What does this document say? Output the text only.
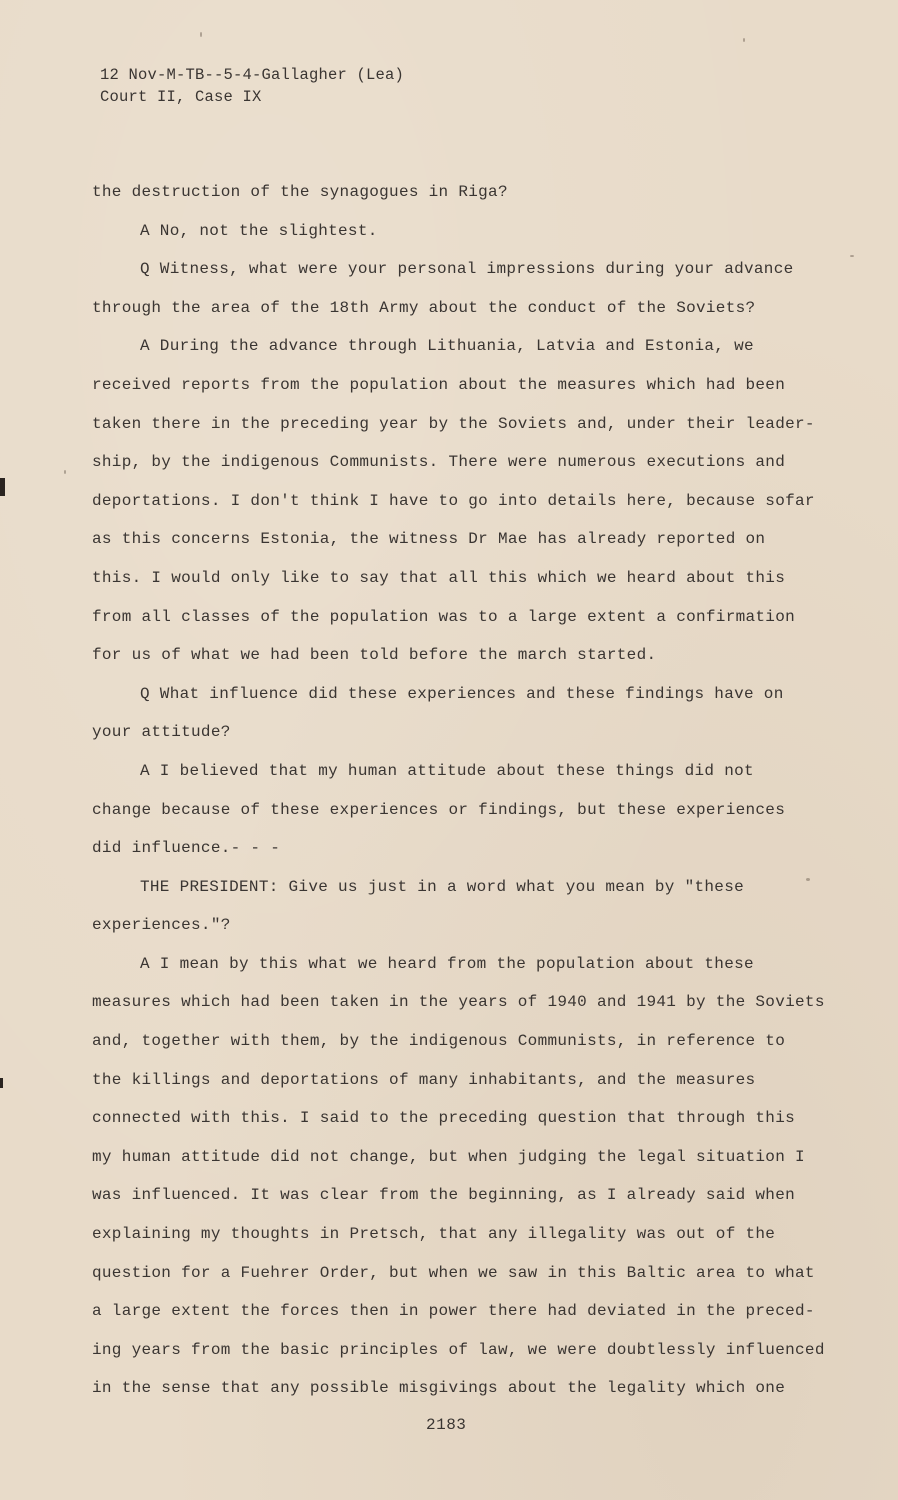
12 Nov-M-TB--5-4-Gallagher (Lea)
Court II, Case IX
the destruction of the synagogues in Riga?
A No, not the slightest.
Q Witness, what were your personal impressions during your advance
through the area of the 18th Army about the conduct of the Soviets?
A During the advance through Lithuania, Latvia and Estonia, we
received reports from the population about the measures which had been
taken there in the preceding year by the Soviets and, under their leader-
ship, by the indigenous Communists. There were numerous executions and
deportations. I don't think I have to go into details here, because sofar
as this concerns Estonia, the witness Dr Mae has already reported on
this. I would only like to say that all this which we heard about this
from all classes of the population was to a large extent a confirmation
for us of what we had been told before the march started.
Q What influence did these experiences and these findings have on
your attitude?
A I believed that my human attitude about these things did not
change because of these experiences or findings, but these experiences
did influence.- - -
THE PRESIDENT: Give us just in a word what you mean by "these
experiences."?
A I mean by this what we heard from the population about these
measures which had been taken in the years of 1940 and 1941 by the Soviets
and, together with them, by the indigenous Communists, in reference to
the killings and deportations of many inhabitants, and the measures
connected with this. I said to the preceding question that through this
my human attitude did not change, but when judging the legal situation I
was influenced. It was clear from the beginning, as I already said when
explaining my thoughts in Pretsch, that any illegality was out of the
question for a Fuehrer Order, but when we saw in this Baltic area to what
a large extent the forces then in power there had deviated in the preced-
ing years from the basic principles of law, we were doubtlessly influenced
in the sense that any possible misgivings about the legality which one
2183
